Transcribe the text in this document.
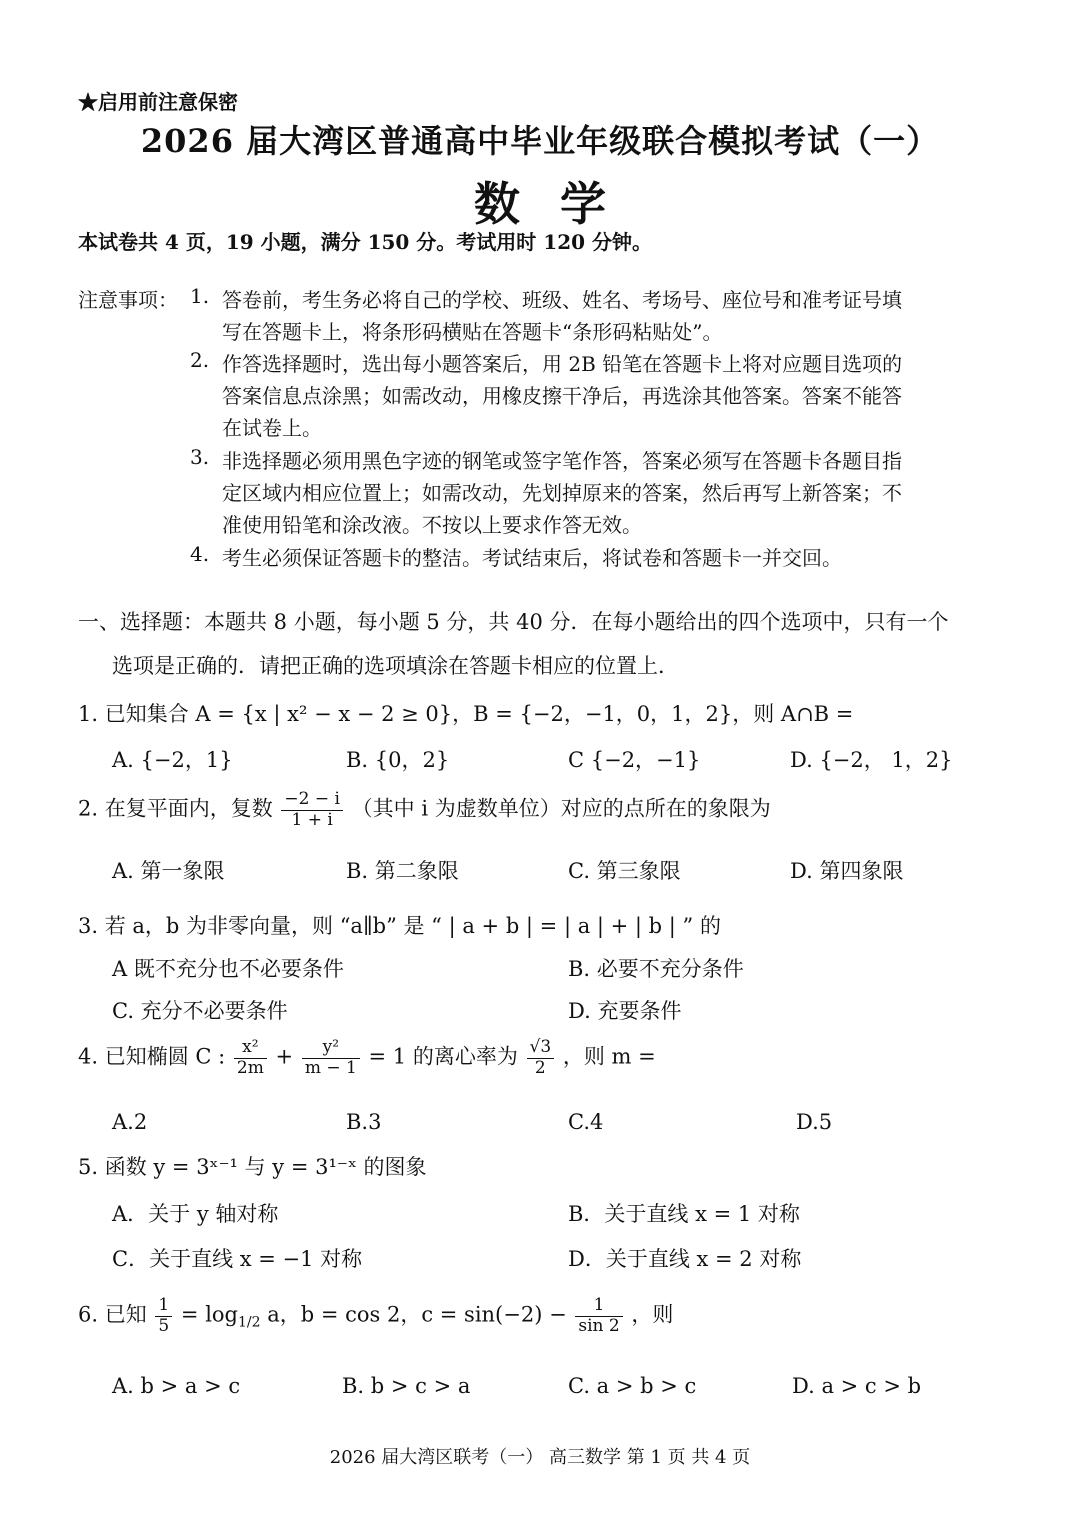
★启用前注意保密
2026 届大湾区普通高中毕业年级联合模拟考试（一）
数学
本试卷共 4 页，19 小题，满分 150 分。考试用时 120 分钟。
注意事项： 1. 答卷前，考生务必将自己的学校、班级、姓名、考场号、座位号和准考证号填
写在答题卡上，将条形码横贴在答题卡“条形码粘贴处”。
2. 作答选择题时，选出每小题答案后，用 2B 铅笔在答题卡上将对应题目选项的
答案信息点涂黑；如需改动，用橡皮擦干净后，再选涂其他答案。答案不能答
在试卷上。
3. 非选择题必须用黑色字迹的钢笔或签字笔作答，答案必须写在答题卡各题目指
定区域内相应位置上；如需改动，先划掉原来的答案，然后再写上新答案；不
准使用铅笔和涂改液。不按以上要求作答无效。
4. 考生必须保证答题卡的整洁。考试结束后，将试卷和答题卡一并交回。
一、选择题：本题共 8 小题，每小题 5 分，共 40 分．在每小题给出的四个选项中，只有一个
选项是正确的．请把正确的选项填涂在答题卡相应的位置上．
1. 已知集合 A = {x | x² − x − 2 ≥ 0}，B = {−2，−1，0，1，2}，则 A∩B =
A. {−2，1}	B. {0，2}	C {−2，−1}	D. {−2， 1，2}
2. 在复平面内，复数 $\frac{-2 - i}{1 + i}$ （其中 i 为虚数单位）对应的点所在的象限为
A. 第一象限	B. 第二象限	C. 第三象限	D. 第四象限
3. 若 a，b 为非零向量，则 “a∥b” 是 “ | a + b | = | a | + | b | ” 的
A 既不充分也不必要条件	B. 必要不充分条件
C. 充分不必要条件	D. 充要条件
4. 已知椭圆 C : $\frac{\text{x²}}{2m} + \frac{\text{y²}}{m - 1} = 1$ 的离心率为 $\frac{√3}{2}$ ，则 m =
A.2	B.3	C.4	D.5
5. 函数 y = 3ˣ⁻¹ 与 y = 3¹⁻ˣ 的图象
A．关于 y 轴对称	B．关于直线 x = 1 对称
C．关于直线 x = −1 对称	D．关于直线 x = 2 对称
6. 已知 $\frac{1}{5} = \log_{1/2} a$，b = cos 2，$c = \sin(-2) - \frac{1}{\sin 2}$ ，则
A. b > a > c	B. b > c > a	C. a > b > c	D. a > c > b
2026 届大湾区联考（一） 高三数学 第 1 页 共 4 页
